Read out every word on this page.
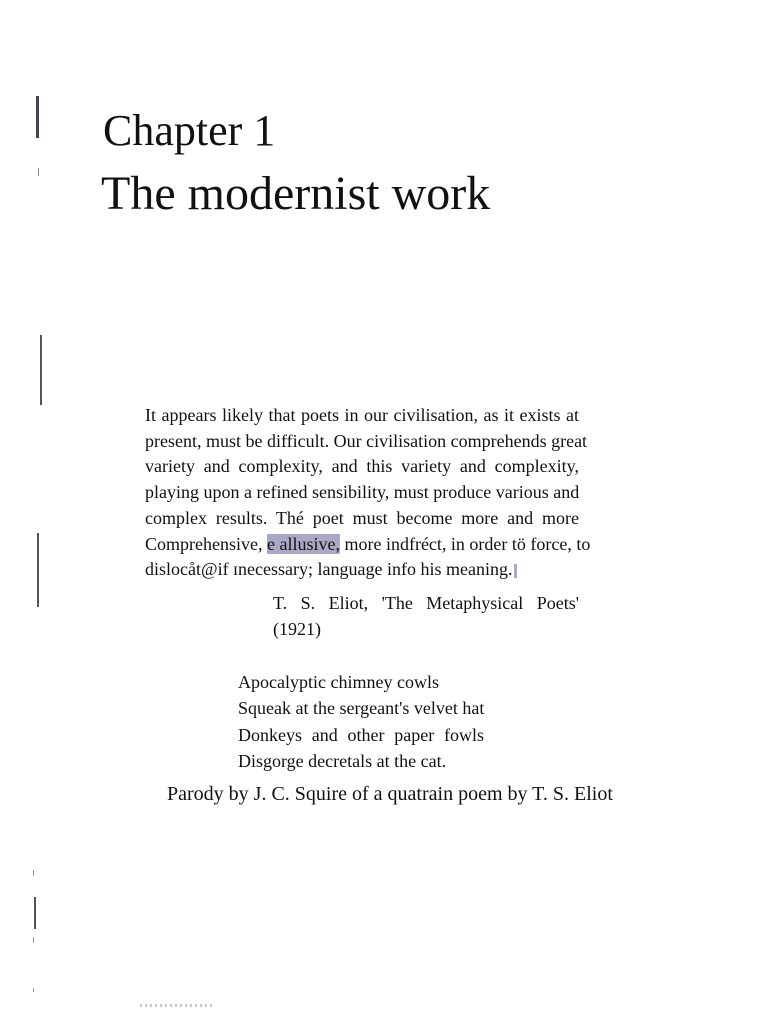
Chapter 1
The modernist work
It appears likely that poets in our civilisation, as it exists at
present, must be difficult. Our civilisation comprehends great
variety and complexity, and this variety and complexity,
playing upon a refined sensibility, must produce various and
complex results. Thé poet must become more and more
Comprehensive, e allusive, more indfréct, in order tö force, to
dislocåt@if ɪnecessary; language info his meaning.
T. S. Eliot, 'The Metaphysical Poets'
(1921)
Apocalyptic chimney cowls
Squeak at the sergeant's velvet hat
Donkeys and other paper fowls
Disgorge decretals at the cat.
Parody by J. C. Squire of a quatrain poem by T. S. Eliot
